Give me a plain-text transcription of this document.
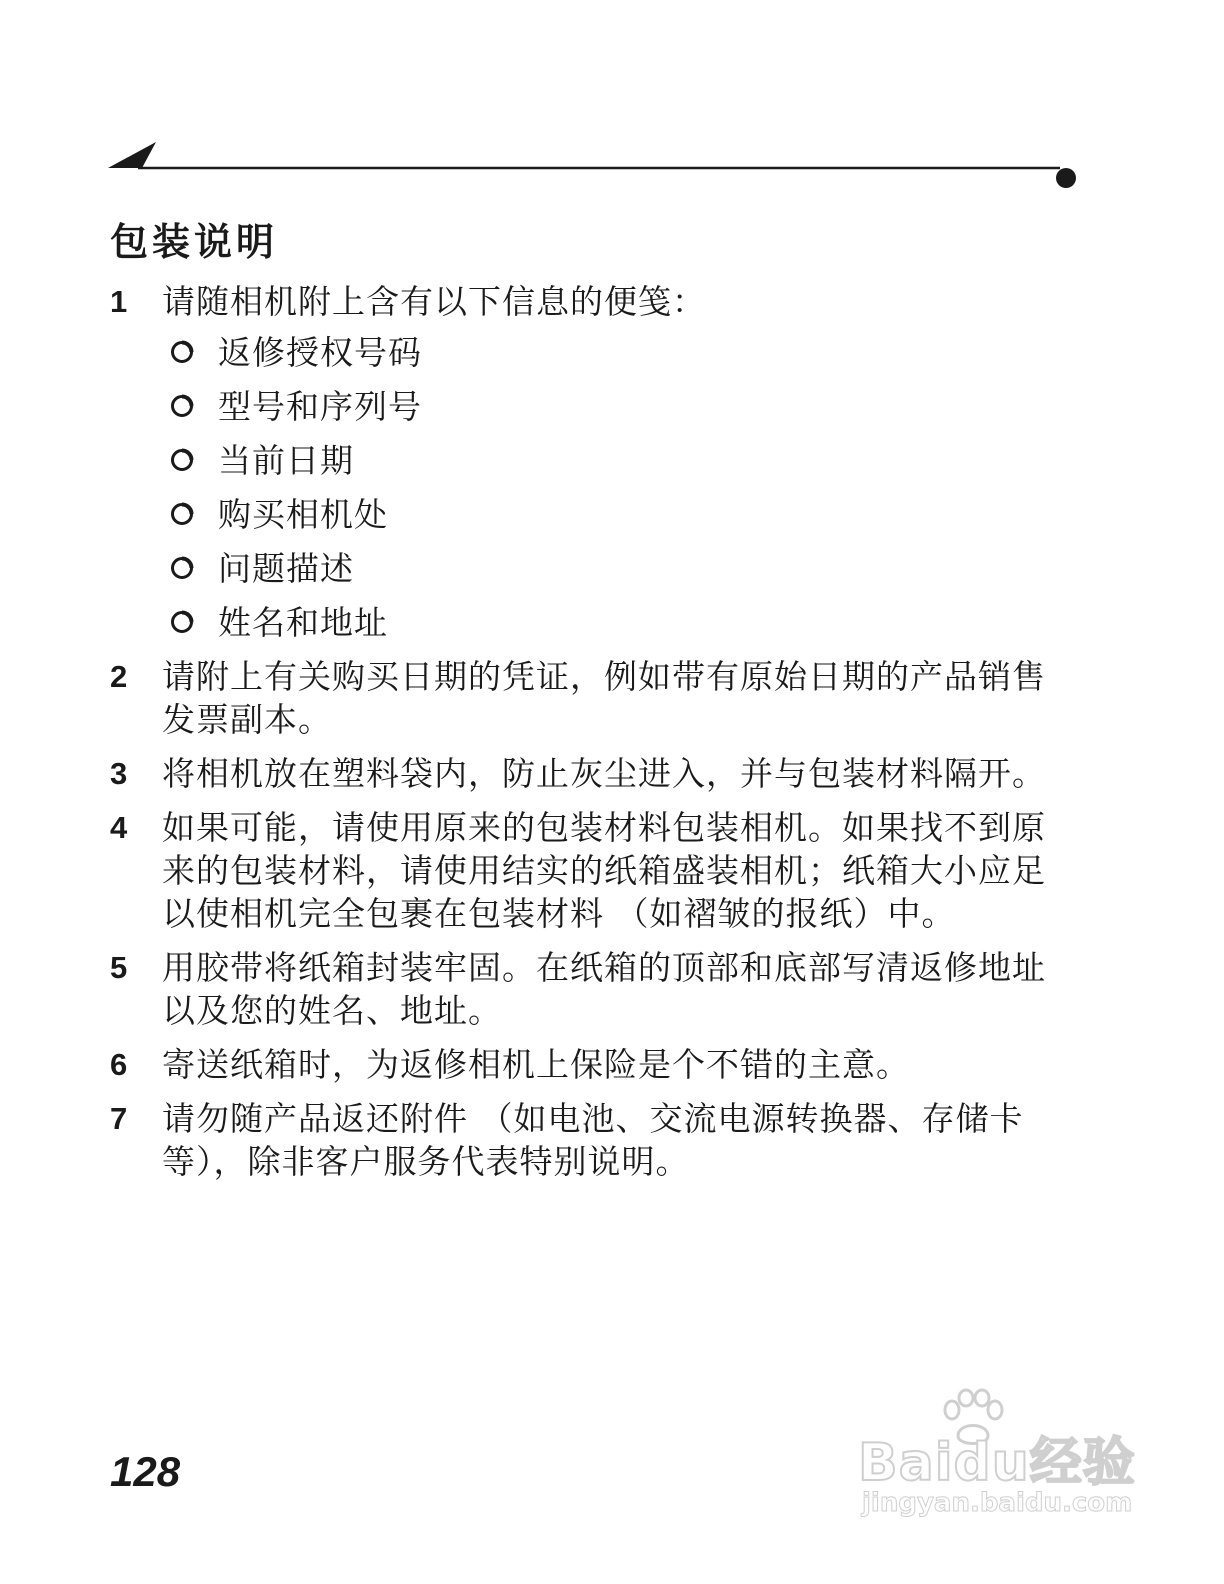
包装说明
1 请随相机附上含有以下信息的便笺：
返修授权号码
型号和序列号
当前日期
购买相机处
问题描述
姓名和地址
2 请附上有关购买日期的凭证，例如带有原始日期的产品销售发票副本。
3 将相机放在塑料袋内，防止灰尘进入，并与包装材料隔开。
4 如果可能，请使用原来的包装材料包装相机。如果找不到原来的包装材料，请使用结实的纸箱盛装相机；纸箱大小应足以使相机完全包裹在包装材料 （如褶皱的报纸）中。
5 用胶带将纸箱封装牢固。在纸箱的顶部和底部写清返修地址以及您的姓名、地址。
6 寄送纸箱时，为返修相机上保险是个不错的主意。
7 请勿随产品返还附件 （如电池、交流电源转换器、存储卡等），除非客户服务代表特别说明。
128	Baidu经验
jingyan.baidu.com
